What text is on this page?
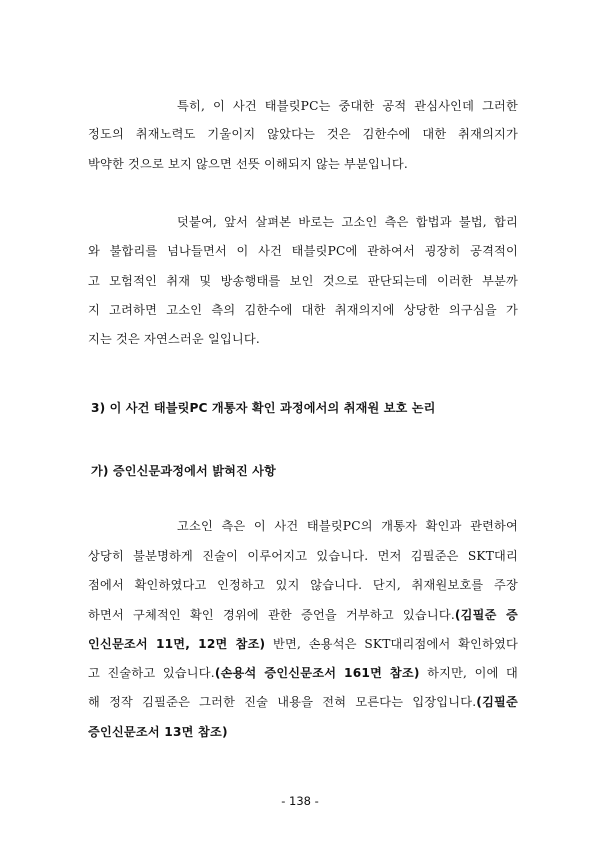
특히, 이 사건 태블릿PC는 중대한 공적 관심사인데 그러한
정도의 취재노력도 기울이지 않았다는 것은 김한수에 대한 취재의지가
박약한 것으로 보지 않으면 선뜻 이해되지 않는 부분입니다.
덧붙여, 앞서 살펴본 바로는 고소인 측은 합법과 불법, 합리
와 불합리를 넘나들면서 이 사건 태블릿PC에 관하여서 굉장히 공격적이
고 모험적인 취재 및 방송행태를 보인 것으로 판단되는데 이러한 부분까
지 고려하면 고소인 측의 김한수에 대한 취재의지에 상당한 의구심을 가
지는 것은 자연스러운 일입니다.
3) 이 사건 태블릿PC 개통자 확인 과정에서의 취재원 보호 논리
가) 증인신문과정에서 밝혀진 사항
고소인 측은 이 사건 태블릿PC의 개통자 확인과 관련하여
상당히 불분명하게 진술이 이루어지고 있습니다. 먼저 김필준은 SKT대리
점에서 확인하였다고 인정하고 있지 않습니다. 단지, 취재원보호를 주장
하면서 구체적인 확인 경위에 관한 증언을 거부하고 있습니다.(김필준 증
인신문조서 11면, 12면 참조) 반면, 손용석은 SKT대리점에서 확인하였다
고 진술하고 있습니다.(손용석 증인신문조서 161면 참조) 하지만, 이에 대
해 정작 김필준은 그러한 진술 내용을 전혀 모른다는 입장입니다.(김필준
증인신문조서 13면 참조)
- 138 -
